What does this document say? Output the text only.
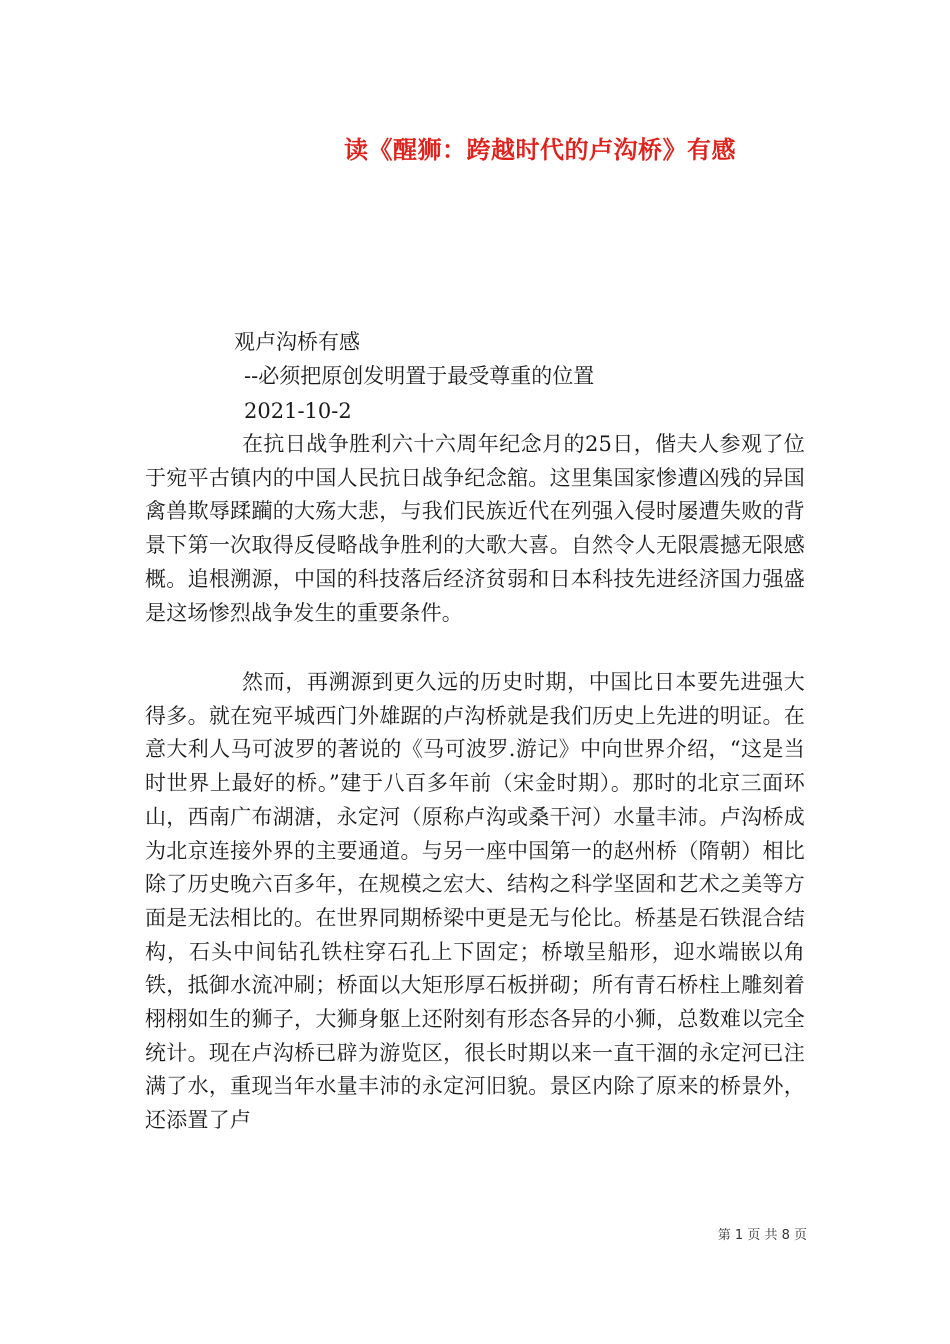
读《醒狮：跨越时代的卢沟桥》有感
观卢沟桥有感
--必须把原创发明置于最受尊重的位置
2021-10-2
在抗日战争胜利六十六周年纪念月的25日，偕夫人参观了位于宛平古镇内的中国人民抗日战争纪念舘。这里集国家惨遭凶残的异国禽兽欺辱蹂躏的大殇大悲，与我们民族近代在列强入侵时屡遭失败的背景下第一次取得反侵略战争胜利的大歌大喜。自然令人无限震撼无限感概。追根溯源，中国的科技落后经济贫弱和日本科技先进经济国力强盛是这场惨烈战争发生的重要条件。
然而，再溯源到更久远的历史时期，中国比日本要先进强大得多。就在宛平城西门外雄踞的卢沟桥就是我们历史上先进的明证。在意大利人马可波罗的著说的《马可波罗.游记》中向世界介绍，“这是当时世界上最好的桥。”建于八百多年前（宋金时期）。那时的北京三面环山，西南广布湖溏，永定河（原称卢沟或桑干河）水量丰沛。卢沟桥成为北京连接外界的主要通道。与另一座中国第一的赵州桥（隋朝）相比除了历史晚六百多年，在规模之宏大、结构之科学坚固和艺术之美等方面是无法相比的。在世界同期桥梁中更是无与伦比。桥基是石铁混合结构，石头中间钻孔铁柱穿石孔上下固定；桥墩呈船形，迎水端嵌以角铁，抵御水流冲刷；桥面以大矩形厚石板拼砌；所有青石桥柱上雕刻着栩栩如生的狮子，大狮身躯上还附刻有形态各异的小狮，总数难以完全统计。现在卢沟桥已辟为游览区，很长时期以来一直干涸的永定河已注满了水，重现当年水量丰沛的永定河旧貌。景区内除了原来的桥景外，还添置了卢
第 1 页 共 8 页
